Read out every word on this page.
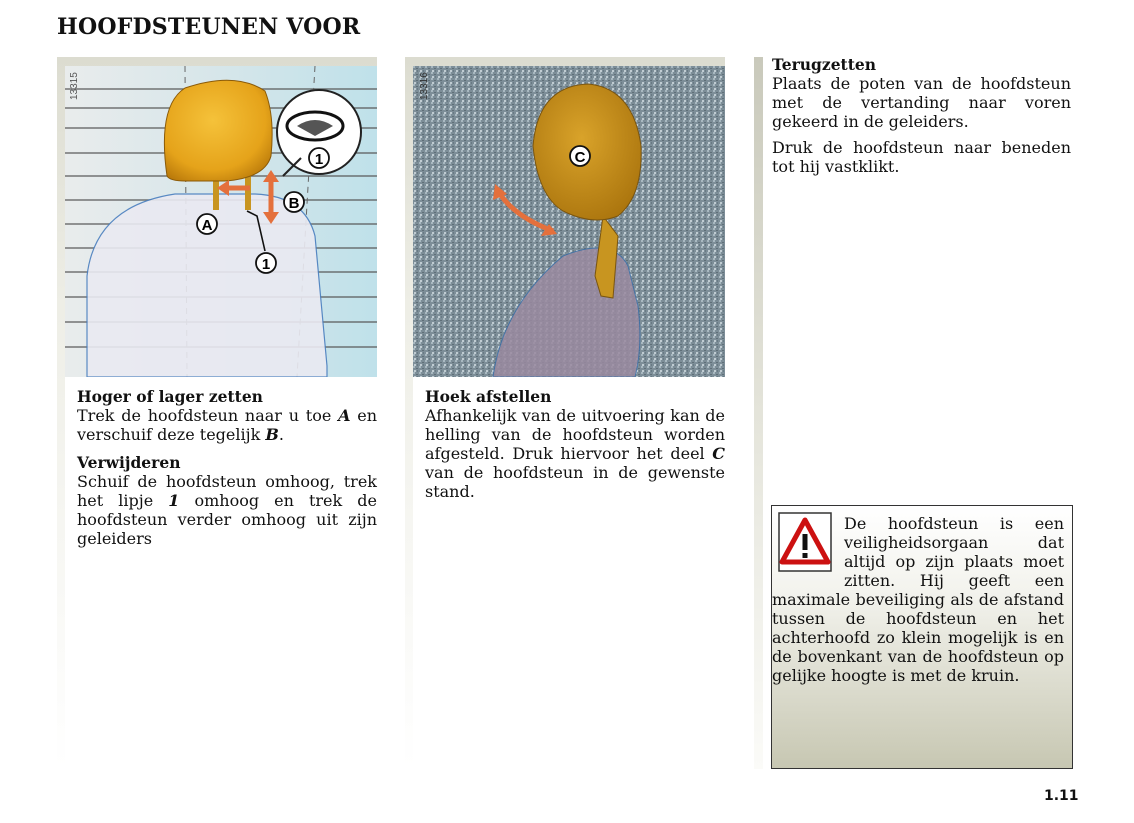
HOOFDSTEUNEN VOOR
A
B
1
1
13315
C
13316
Hoger of lager zetten

Trek de hoofdsteun naar u toe A en verschuif deze tegelijk B.

Verwijderen

Schuif de hoofdsteun omhoog, trek het lipje 1 omhoog en trek de hoofdsteun verder omhoog uit zijn geleiders

Hoek afstellen

Afhankelijk van de uitvoering kan de helling van de hoofdsteun worden afgesteld. Druk hiervoor het deel C van de hoofdsteun in de gewenste stand.

Terugzetten

Plaats de poten van de hoofdsteun met de vertanding naar voren gekeerd in de geleiders.

Druk de hoofdsteun naar beneden tot hij vastklikt.

De hoofdsteun is een veiligheidsorgaan dat altijd op zijn plaats moet zitten. Hij geeft een maximale beveiliging als de afstand tussen de hoofdsteun en het achterhoofd zo klein mogelijk is en de bovenkant van de hoofdsteun op gelijke hoogte is met de kruin.
1.11
